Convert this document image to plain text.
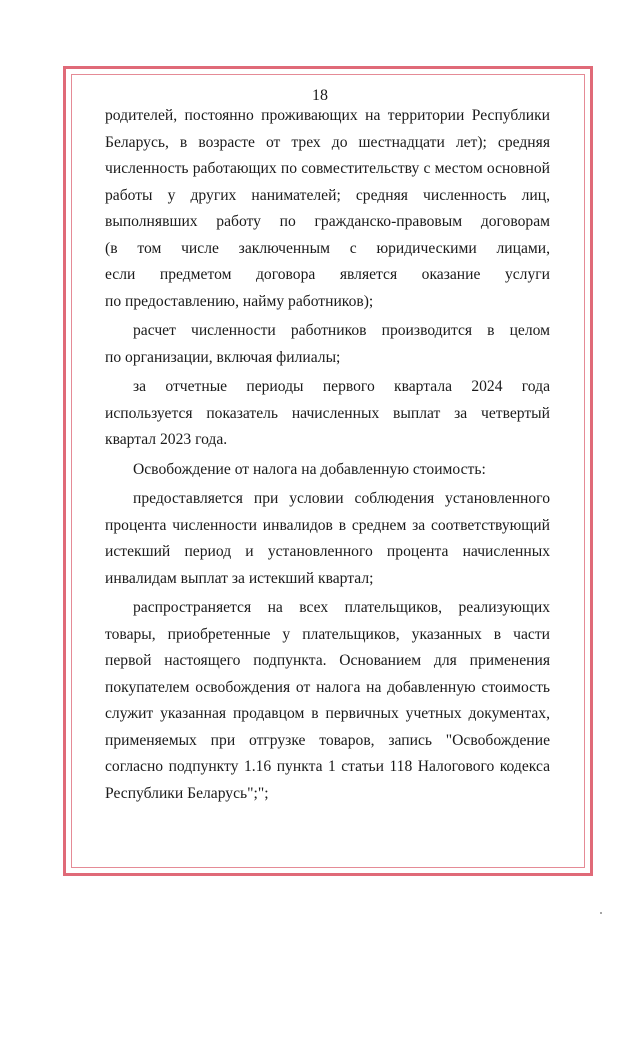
18
родителей, постоянно проживающих на территории Республики
Беларусь, в возрасте от трех до шестнадцати лет); средняя
численность работающих по совместительству с местом основной
работы у других нанимателей; средняя численность лиц,
выполнявших работу по гражданско-правовым договорам
(в том числе заключенным с юридическими лицами,
если предметом договора является оказание услуги
по предоставлению, найму работников);
расчет численности работников производится в целом
по организации, включая филиалы;
за отчетные периоды первого квартала 2024 года
используется показатель начисленных выплат за четвертый
квартал 2023 года.
Освобождение от налога на добавленную стоимость:
предоставляется при условии соблюдения установленного
процента численности инвалидов в среднем за соответствующий
истекший период и установленного процента начисленных
инвалидам выплат за истекший квартал;
распространяется на всех плательщиков, реализующих
товары, приобретенные у плательщиков, указанных в части
первой настоящего подпункта. Основанием для применения
покупателем освобождения от налога на добавленную стоимость
служит указанная продавцом в первичных учетных документах,
применяемых при отгрузке товаров, запись "Освобождение
согласно подпункту 1.16 пункта 1 статьи 118 Налогового кодекса
Республики Беларусь";";
